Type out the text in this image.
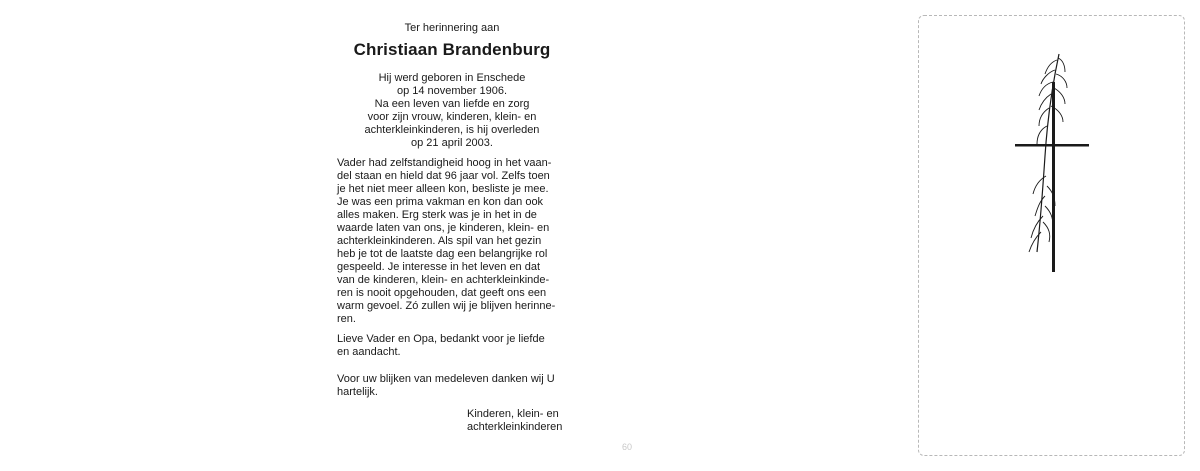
Ter herinnering aan
Christiaan Brandenburg

Hij werd geboren in Enschede
op 14 november 1906.
Na een leven van liefde en zorg
voor zijn vrouw, kinderen, klein- en
achterkleinkinderen, is hij overleden
op 21 april 2003.

Vader had zelfstandigheid hoog in het vaan-
del staan en hield dat 96 jaar vol. Zelfs toen
je het niet meer alleen kon, besliste je mee.
Je was een prima vakman en kon dan ook
alles maken. Erg sterk was je in het in de
waarde laten van ons, je kinderen, klein- en
achterkleinkinderen. Als spil van het gezin
heb je tot de laatste dag een belangrijke rol
gespeeld. Je interesse in het leven en dat
van de kinderen, klein- en achterkleinkinde-
ren is nooit opgehouden, dat geeft ons een
warm gevoel. Zó zullen wij je blijven herinne-
ren.

Lieve Vader en Opa, bedankt voor je liefde
en aandacht.

Voor uw blijken van medeleven danken wij U
hartelijk.

Kinderen, klein- en
achterkleinkinderen

60
